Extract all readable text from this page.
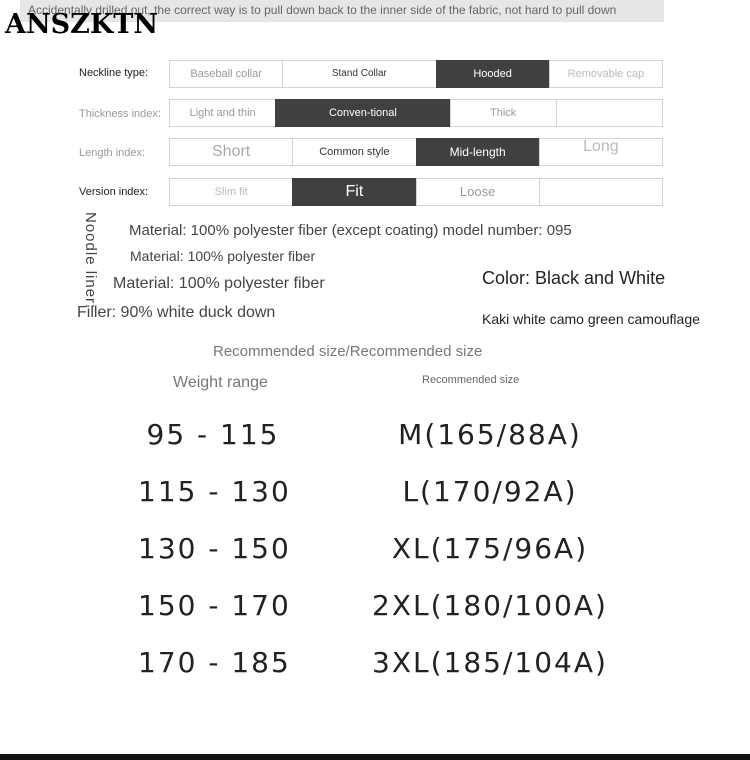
Accidentally drilled out, the correct way is to pull down back to the inner side of the fabric, not hard to pull down
ANSZKTN
Neckline type:	Baseball collar	Stand Collar	Hooded	Removable cap
Thickness index:	Light and thin	Conven-tional	Thick
Length index:	Short	Common style	Mid-length	Long
Version index:	Slim fit	Fit	Loose
Noodle liner: Material: 100% polyester fiber (except coating) model number: 095
Material: 100% polyester fiber
Material: 100% polyester fiber
Filler: 90% white duck down
Color: Black and White
Kaki white camo green camouflage
Recommended size/Recommended size
Weight range	Recommended size
95 - 115	M(165/88A)
115 - 130	L(170/92A)
130 - 150	XL(175/96A)
150 - 170	2XL(180/100A)
170 - 185	3XL(185/104A)
